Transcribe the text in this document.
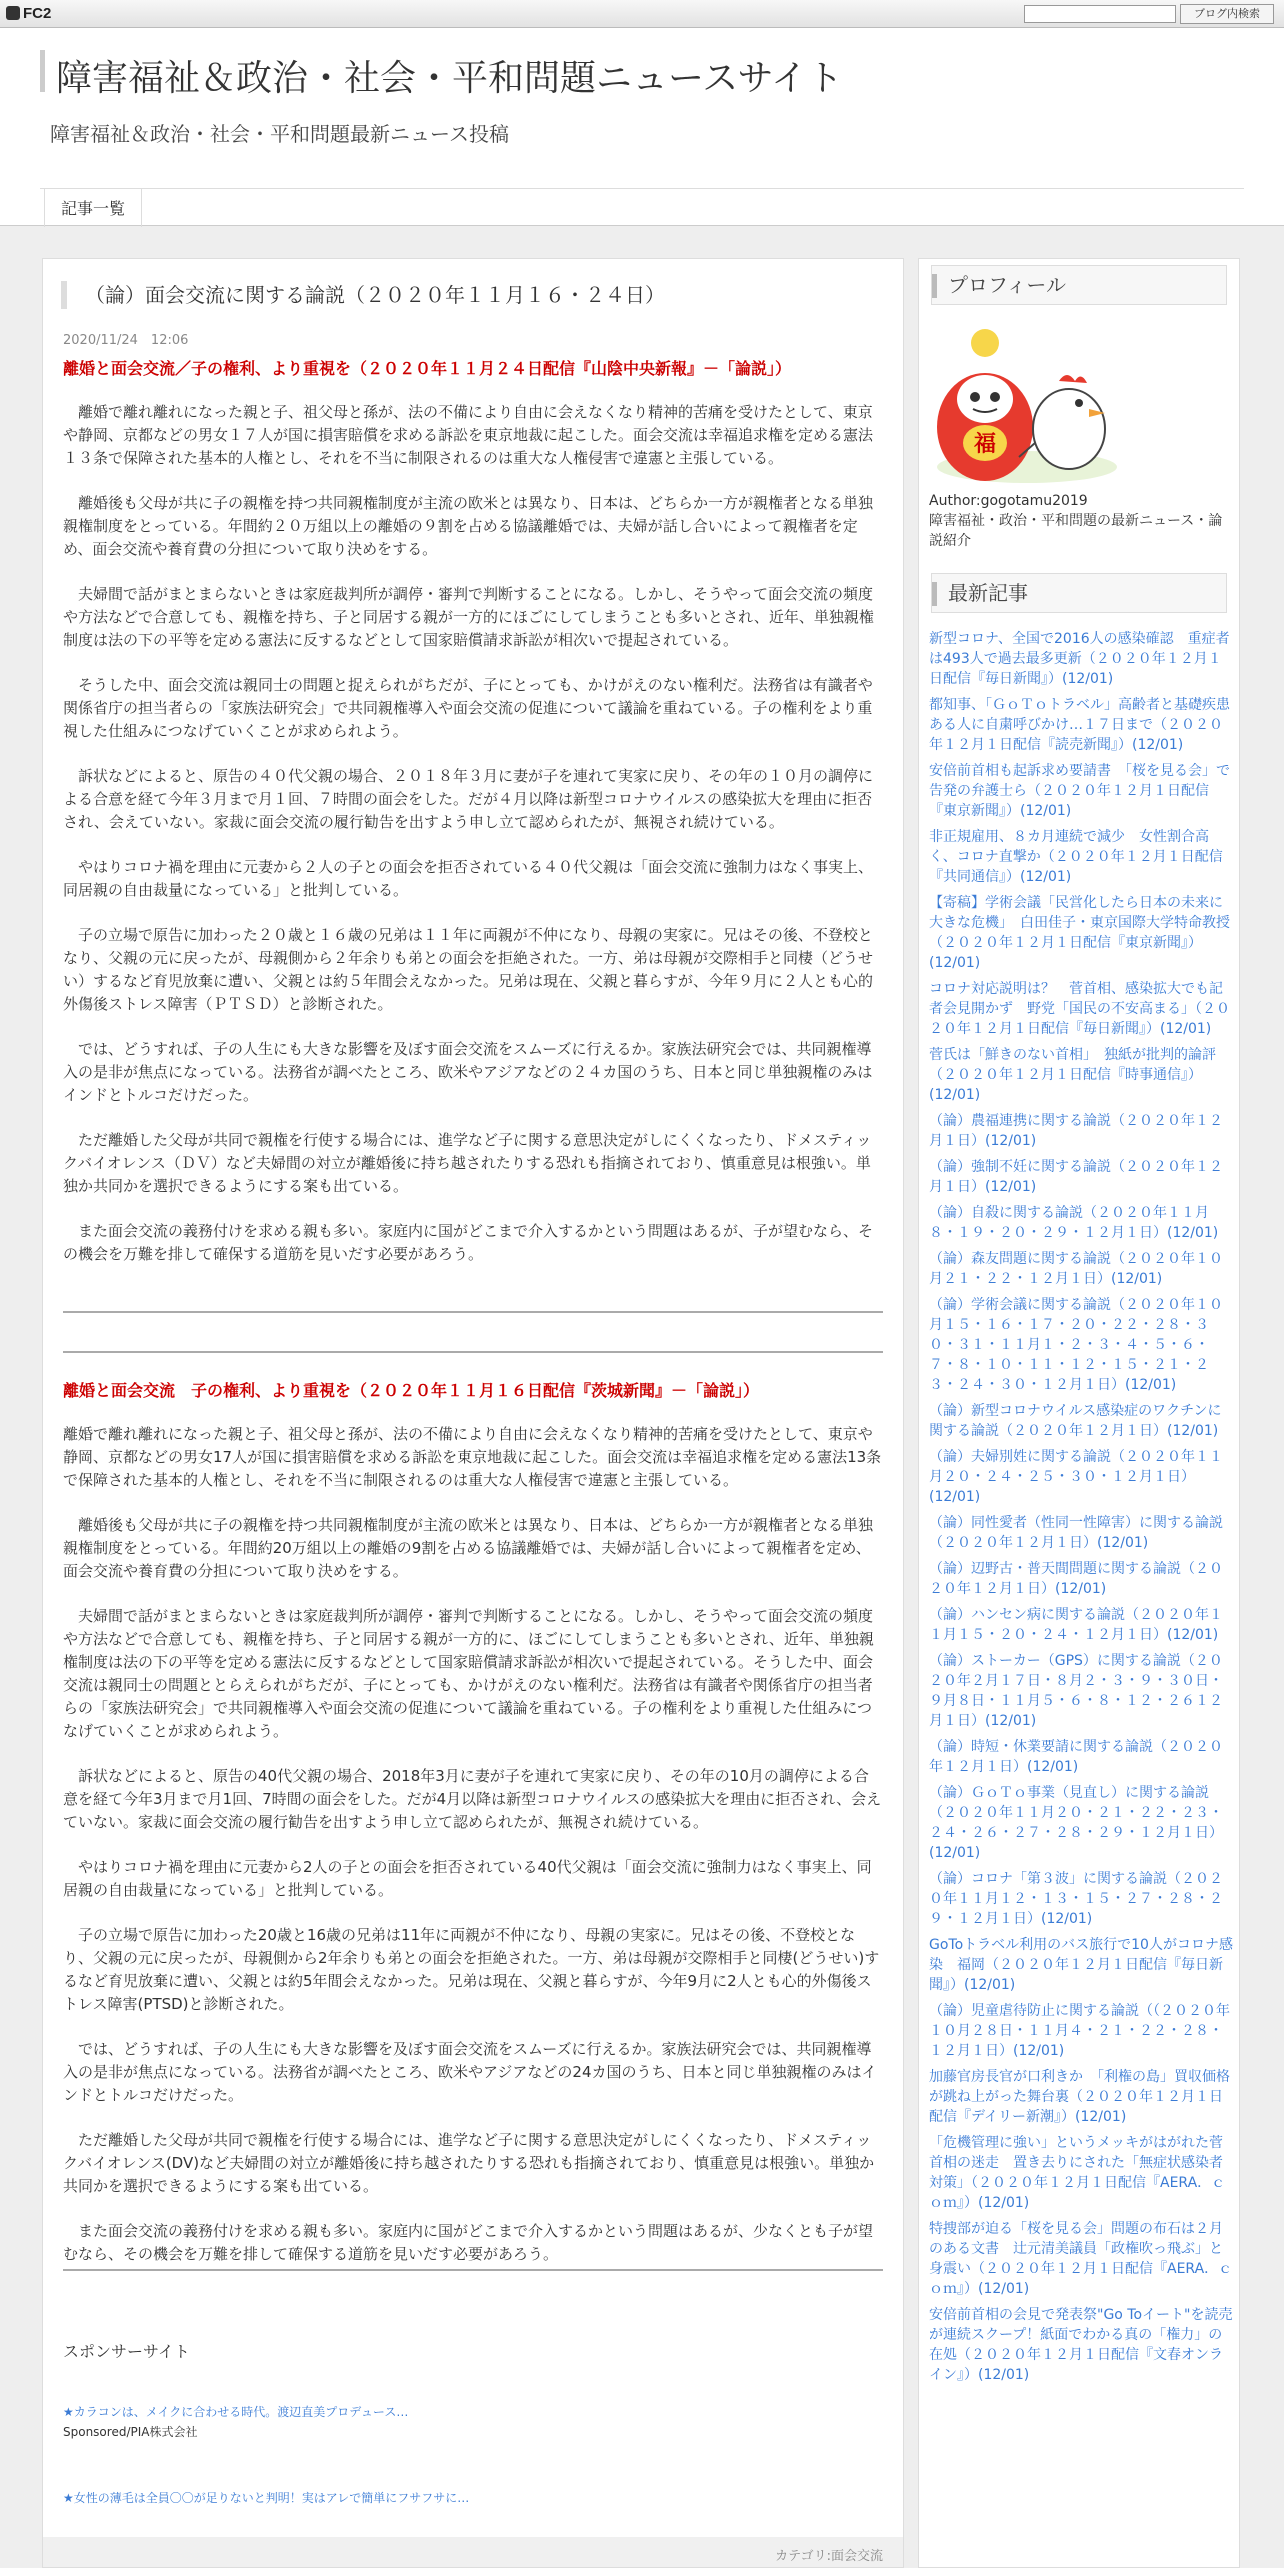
FC2	ブログ内検索
障害福祉＆政治・社会・平和問題ニュースサイト
障害福祉＆政治・社会・平和問題最新ニュース投稿
記事一覧
（論）面会交流に関する論説（２０２０年１１月１６・２４日）
2020/11/24　12:06
離婚と面会交流／子の権利、より重視を（２０２０年１１月２４日配信『山陰中央新報』－「論説」）

　離婚で離れ離れになった親と子、祖父母と孫が、法の不備により自由に会えなくなり精神的苦痛を受けたとして、東京や静岡、京都などの男女１７人が国に損害賠償を求める訴訟を東京地裁に起こした。面会交流は幸福追求権を定める憲法１３条で保障された基本的人権とし、それを不当に制限されるのは重大な人権侵害で違憲と主張している。

　離婚後も父母が共に子の親権を持つ共同親権制度が主流の欧米とは異なり、日本は、どちらか一方が親権者となる単独親権制度をとっている。年間約２０万組以上の離婚の９割を占める協議離婚では、夫婦が話し合いによって親権者を定め、面会交流や養育費の分担について取り決めをする。

　夫婦間で話がまとまらないときは家庭裁判所が調停・審判で判断することになる。しかし、そうやって面会交流の頻度や方法などで合意しても、親権を持ち、子と同居する親が一方的にほごにしてしまうことも多いとされ、近年、単独親権制度は法の下の平等を定める憲法に反するなどとして国家賠償請求訴訟が相次いで提起されている。

　そうした中、面会交流は親同士の問題と捉えられがちだが、子にとっても、かけがえのない権利だ。法務省は有識者や関係省庁の担当者らの「家族法研究会」で共同親権導入や面会交流の促進について議論を重ねている。子の権利をより重視した仕組みにつなげていくことが求められよう。

　訴状などによると、原告の４０代父親の場合、２０１８年３月に妻が子を連れて実家に戻り、その年の１０月の調停による合意を経て今年３月まで月１回、７時間の面会をした。だが４月以降は新型コロナウイルスの感染拡大を理由に拒否され、会えていない。家裁に面会交流の履行勧告を出すよう申し立て認められたが、無視され続けている。

　やはりコロナ禍を理由に元妻から２人の子との面会を拒否されている４０代父親は「面会交流に強制力はなく事実上、同居親の自由裁量になっている」と批判している。

　子の立場で原告に加わった２０歳と１６歳の兄弟は１１年に両親が不仲になり、母親の実家に。兄はその後、不登校となり、父親の元に戻ったが、母親側から２年余りも弟との面会を拒絶された。一方、弟は母親が交際相手と同棲（どうせい）するなど育児放棄に遭い、父親とは約５年間会えなかった。兄弟は現在、父親と暮らすが、今年９月に２人とも心的外傷後ストレス障害（ＰＴＳＤ）と診断された。

　では、どうすれば、子の人生にも大きな影響を及ぼす面会交流をスムーズに行えるか。家族法研究会では、共同親権導入の是非が焦点になっている。法務省が調べたところ、欧米やアジアなどの２４カ国のうち、日本と同じ単独親権のみはインドとトルコだけだった。

　ただ離婚した父母が共同で親権を行使する場合には、進学など子に関する意思決定がしにくくなったり、ドメスティックバイオレンス（ＤＶ）など夫婦間の対立が離婚後に持ち越されたりする恐れも指摘されており、慎重意見は根強い。単独か共同かを選択できるようにする案も出ている。

　また面会交流の義務付けを求める親も多い。家庭内に国がどこまで介入するかという問題はあるが、子が望むなら、その機会を万難を排して確保する道筋を見いだす必要があろう。

離婚と面会交流　子の権利、より重視を（２０２０年１１月１６日配信『茨城新聞』－「論説」）

離婚で離れ離れになった親と子、祖父母と孫が、法の不備により自由に会えなくなり精神的苦痛を受けたとして、東京や静岡、京都などの男女17人が国に損害賠償を求める訴訟を東京地裁に起こした。面会交流は幸福追求権を定める憲法13条で保障された基本的人権とし、それを不当に制限されるのは重大な人権侵害で違憲と主張している。

　離婚後も父母が共に子の親権を持つ共同親権制度が主流の欧米とは異なり、日本は、どちらか一方が親権者となる単独親権制度をとっている。年間約20万組以上の離婚の9割を占める協議離婚では、夫婦が話し合いによって親権者を定め、面会交流や養育費の分担について取り決めをする。

　夫婦間で話がまとまらないときは家庭裁判所が調停・審判で判断することになる。しかし、そうやって面会交流の頻度や方法などで合意しても、親権を持ち、子と同居する親が一方的に、ほごにしてしまうことも多いとされ、近年、単独親権制度は法の下の平等を定める憲法に反するなどとして国家賠償請求訴訟が相次いで提起されている。そうした中、面会交流は親同士の問題ととらえられがちだが、子にとっても、かけがえのない権利だ。法務省は有識者や関係省庁の担当者らの「家族法研究会」で共同親権導入や面会交流の促進について議論を重ねている。子の権利をより重視した仕組みにつなげていくことが求められよう。

　訴状などによると、原告の40代父親の場合、2018年3月に妻が子を連れて実家に戻り、その年の10月の調停による合意を経て今年3月まで月1回、7時間の面会をした。だが4月以降は新型コロナウイルスの感染拡大を理由に拒否され、会えていない。家裁に面会交流の履行勧告を出すよう申し立て認められたが、無視され続けている。

　やはりコロナ禍を理由に元妻から2人の子との面会を拒否されている40代父親は「面会交流に強制力はなく事実上、同居親の自由裁量になっている」と批判している。

　子の立場で原告に加わった20歳と16歳の兄弟は11年に両親が不仲になり、母親の実家に。兄はその後、不登校となり、父親の元に戻ったが、母親側から2年余りも弟との面会を拒絶された。一方、弟は母親が交際相手と同棲(どうせい)するなど育児放棄に遭い、父親とは約5年間会えなかった。兄弟は現在、父親と暮らすが、今年9月に2人とも心的外傷後ストレス障害(PTSD)と診断された。

　では、どうすれば、子の人生にも大きな影響を及ぼす面会交流をスムーズに行えるか。家族法研究会では、共同親権導入の是非が焦点になっている。法務省が調べたところ、欧米やアジアなどの24カ国のうち、日本と同じ単独親権のみはインドとトルコだけだった。

　ただ離婚した父母が共同で親権を行使する場合には、進学など子に関する意思決定がしにくくなったり、ドメスティックバイオレンス(DV)など夫婦間の対立が離婚後に持ち越されたりする恐れも指摘されており、慎重意見は根強い。単独か共同かを選択できるようにする案も出ている。

　また面会交流の義務付けを求める親も多い。家庭内に国がどこまで介入するかという問題はあるが、少なくとも子が望むなら、その機会を万難を排して確保する道筋を見いだす必要があろう。

スポンサーサイト
★カラコンは、メイクに合わせる時代。渡辺直美プロデュース…
Sponsored/PIA株式会社
★女性の薄毛は全員〇〇が足りないと判明！実はアレで簡単にフサフサに…
カテゴリ:面会交流
プロフィール
福
Author:gogotamu2019
障害福祉・政治・平和問題の最新ニュース・論説紹介
最新記事
新型コロナ、全国で2016人の感染確認　重症者は493人で過去最多更新（２０２０年１２月１日配信『毎日新聞』）(12/01)
都知事、「ＧｏＴｏトラベル」高齢者と基礎疾患ある人に自粛呼びかけ…１７日まで（２０２０年１２月１日配信『読売新聞』）(12/01)
安倍前首相も起訴求め要請書　「桜を見る会」で告発の弁護士ら（２０２０年１２月１日配信『東京新聞』）(12/01)
非正規雇用、８カ月連続で減少　女性割合高く、コロナ直撃か（２０２０年１２月１日配信『共同通信』）(12/01)
【寄稿】学術会議「民営化したら日本の未来に大きな危機」　白田佳子・東京国際大学特命教授（２０２０年１２月１日配信『東京新聞』）(12/01)
コロナ対応説明は？　菅首相、感染拡大でも記者会見開かず　野党「国民の不安高まる」（２０２０年１２月１日配信『毎日新聞』）(12/01)
菅氏は「鮮きのない首相」　独紙が批判的論評（２０２０年１２月１日配信『時事通信』）(12/01)
（論）農福連携に関する論説（２０２０年１２月１日）(12/01)
（論）強制不妊に関する論説（２０２０年１２月１日）(12/01)
（論）自殺に関する論説（２０２０年１１月８・１９・２０・２９・１２月１日）(12/01)
（論）森友問題に関する論説（２０２０年１０月２１・２２・１２月１日）(12/01)
（論）学術会議に関する論説（２０２０年１０月１５・１６・１７・２０・２２・２８・３０・３１・１１月１・２・３・４・５・６・７・８・１０・１１・１２・１５・２１・２３・２４・３０・１２月１日）(12/01)
（論）新型コロナウイルス感染症のワクチンに関する論説（２０２０年１２月１日）(12/01)
（論）夫婦別姓に関する論説（２０２０年１１月２０・２４・２５・３０・１２月１日）(12/01)
（論）同性愛者（性同一性障害）に関する論説（２０２０年１２月１日）(12/01)
（論）辺野古・普天間問題に関する論説（２０２０年１２月１日）(12/01)
（論）ハンセン病に関する論説（２０２０年１１月１５・２０・２４・１２月１日）(12/01)
（論）ストーカー（GPS）に関する論説（２０２０年２月１７日・８月２・３・９・３０日・９月８日・１１月５・６・８・１２・２６１２月１日）(12/01)
（論）時短・休業要請に関する論説（２０２０年１２月１日）(12/01)
（論）ＧｏＴｏ事業（見直し）に関する論説（２０２０年１１月２０・２１・２２・２３・２４・２６・２７・２８・２９・１２月１日）(12/01)
（論）コロナ「第３波」に関する論説（２０２０年１１月１２・１３・１５・２７・２８・２９・１２月１日）(12/01)
GoToトラベル利用のバス旅行で10人がコロナ感染　福岡（２０２０年１２月１日配信『毎日新聞』）(12/01)
（論）児童虐待防止に関する論説（（２０２０年１０月２８日・１１月４・２１・２２・２８・１２月１日）(12/01)
加藤官房長官が口利きか　「利権の島」買収価格が跳ね上がった舞台裏（２０２０年１２月１日配信『デイリー新潮』）(12/01)
「危機管理に強い」というメッキがはがれた菅首相の迷走　置き去りにされた「無症状感染者対策」（２０２０年１２月１日配信『AERA．ｃｏｍ』）(12/01)
特捜部が迫る「桜を見る会」問題の布石は２月のある文書　辻元清美議員「政権吹っ飛ぶ」と身震い（２０２０年１２月１日配信『AERA．ｃｏｍ』）(12/01)
安倍前首相の会見で発表祭"Go Toイート"を読売が連続スクープ！紙面でわかる真の「権力」の在処（２０２０年１２月１日配信『文春オンライン』）(12/01)
